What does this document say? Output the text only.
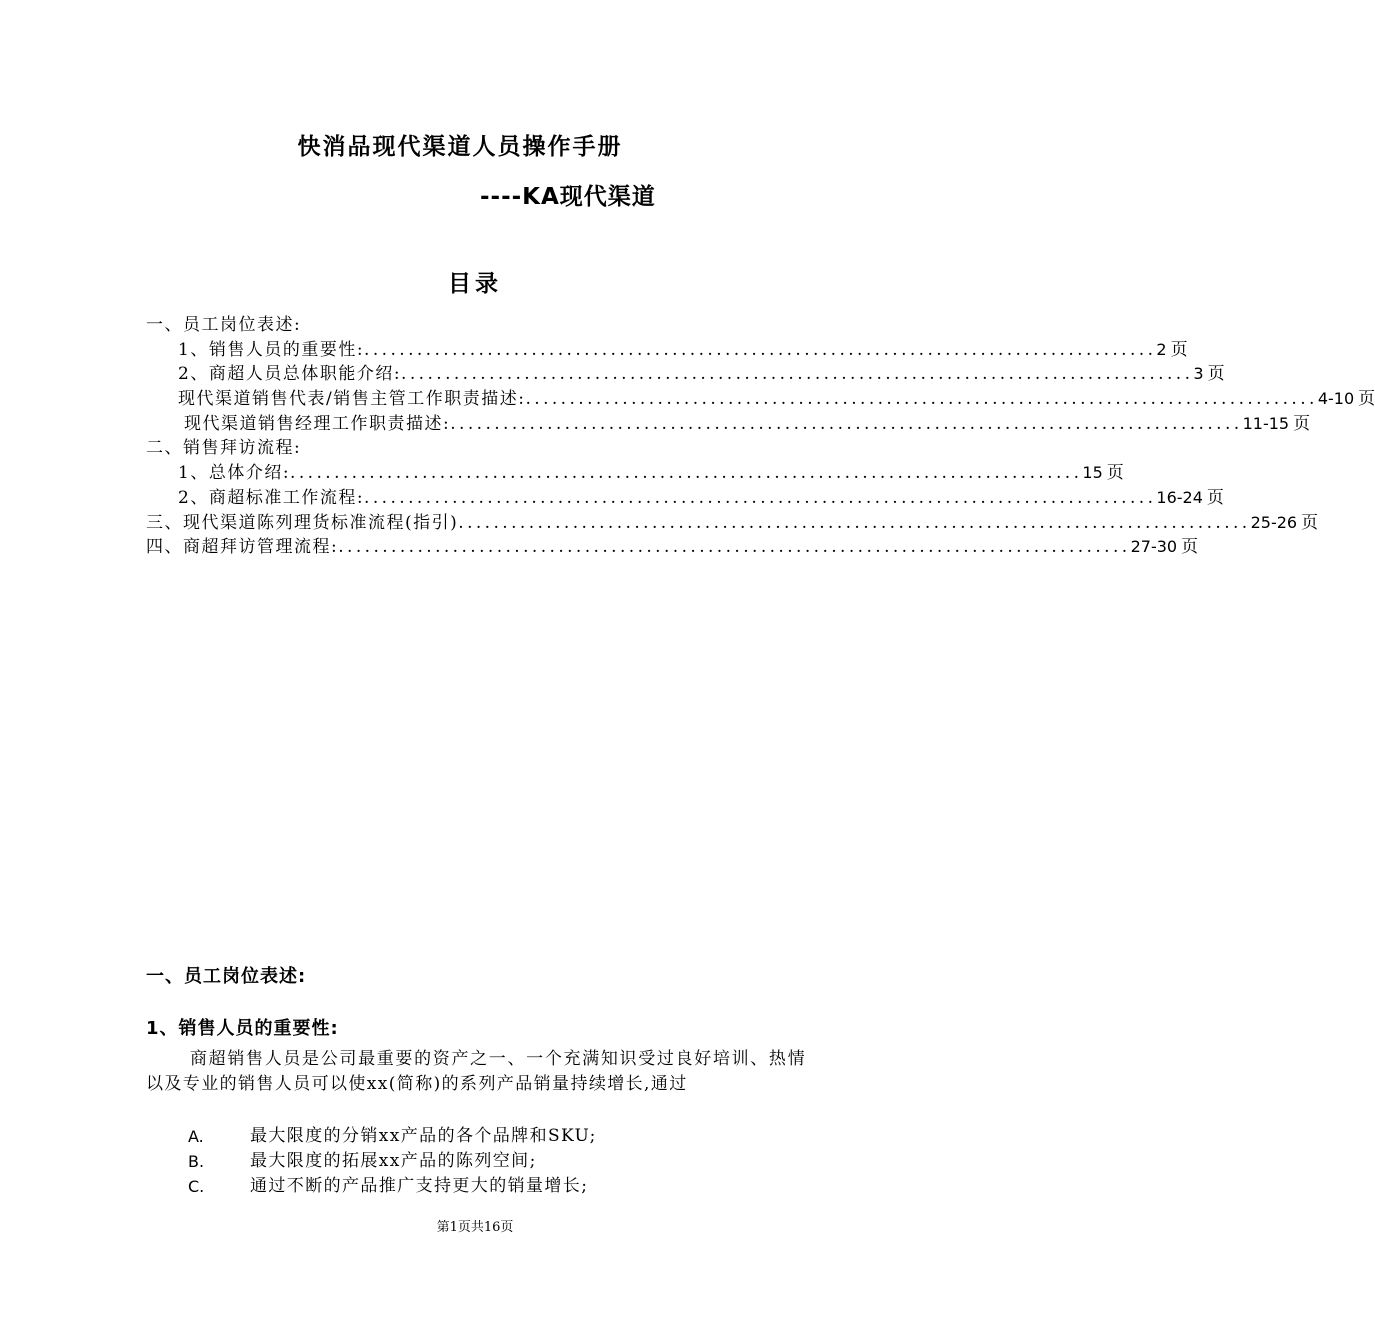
快消品现代渠道人员操作手册
----KA现代渠道
目录
一、员工岗位表述:
1、销售人员的重要性: .......................................................................................... 2 页
2、商超人员总体职能介绍: .......................................................................................... 3 页
现代渠道销售代表/销售主管工作职责描述: .......................................................................................... 4-10 页
现代渠道销售经理工作职责描述: .......................................................................................... 11-15 页
二、销售拜访流程:
1、总体介绍: .......................................................................................... 15 页
2、商超标准工作流程: .......................................................................................... 16-24 页
三、现代渠道陈列理货标准流程(指引) .......................................................................................... 25-26 页
四、商超拜访管理流程: .......................................................................................... 27-30 页
一、员工岗位表述:
1、销售人员的重要性:
商超销售人员是公司最重要的资产之一、一个充满知识受过良好培训、热情以及专业的销售人员可以使xx(简称)的系列产品销量持续增长,通过
A.	最大限度的分销xx产品的各个品牌和SKU;
B.	最大限度的拓展xx产品的陈列空间;
C.	通过不断的产品推广支持更大的销量增长;
第1页共16页
